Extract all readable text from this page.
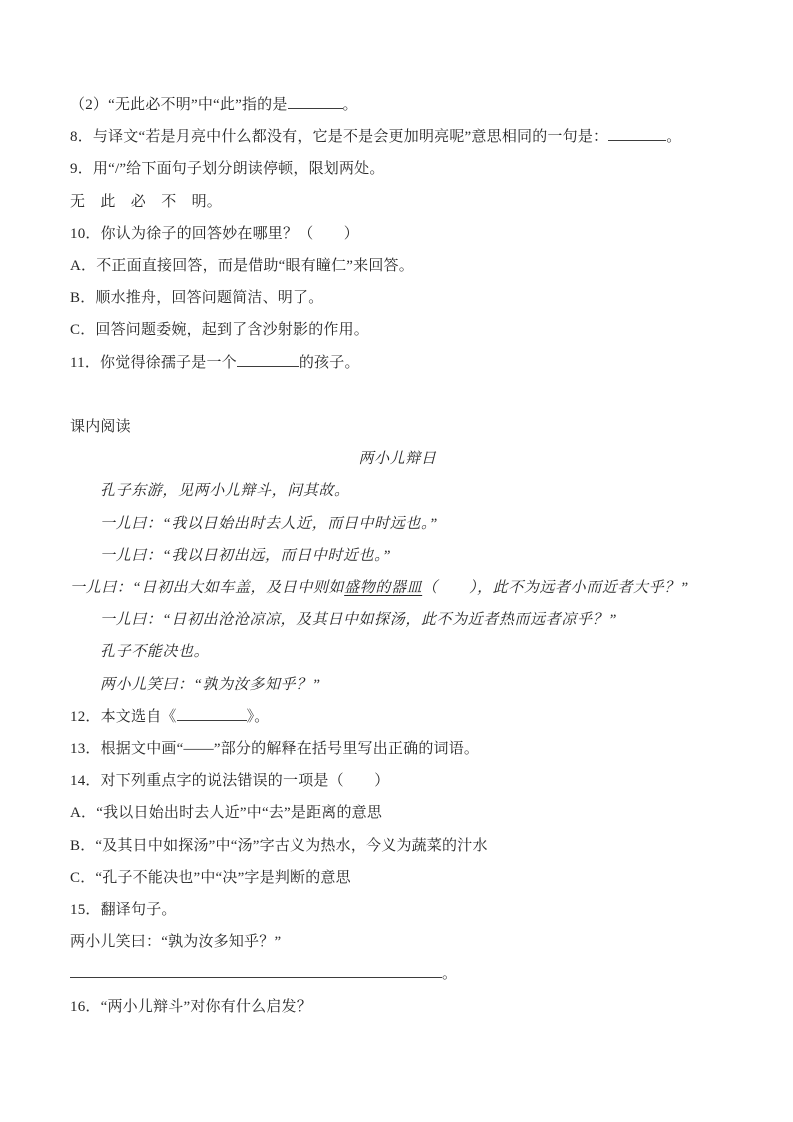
（2）“无此必不明”中“此”指的是	。
8．与译文“若是月亮中什么都没有，它是不是会更加明亮呢”意思相同的一句是：	。
9．用“/”给下面句子划分朗读停顿，限划两处。
无　此　必　不　明。
10．你认为徐子的回答妙在哪里？（　　）
A．不正面直接回答，而是借助“眼有瞳仁”来回答。
B．顺水推舟，回答问题简洁、明了。
C．回答问题委婉，起到了含沙射影的作用。
11．你觉得徐孺子是一个	的孩子。
课内阅读
两小儿辩日
孔子东游，见两小儿辩斗，问其故。
一儿曰：“我以日始出时去人近，而日中时远也。”
一儿曰：“我以日初出远，而日中时近也。”
一儿曰：“日初出大如车盖，及日中则如盛物的器皿（　　），此不为远者小而近者大乎？”
一儿曰：“日初出沧沧凉凉，及其日中如探汤，此不为近者热而远者凉乎？”
孔子不能决也。
两小儿笑曰：“孰为汝多知乎？”
12．本文选自《	》。
13．根据文中画“——”部分的解释在括号里写出正确的词语。
14．对下列重点字的说法错误的一项是（　　）
A．“我以日始出时去人近”中“去”是距离的意思
B．“及其日中如探汤”中“汤”字古义为热水，今义为蔬菜的汁水
C．“孔子不能决也”中“决”字是判断的意思
15．翻译句子。
两小儿笑曰：“孰为汝多知乎？”
。
16．“两小儿辩斗”对你有什么启发？
